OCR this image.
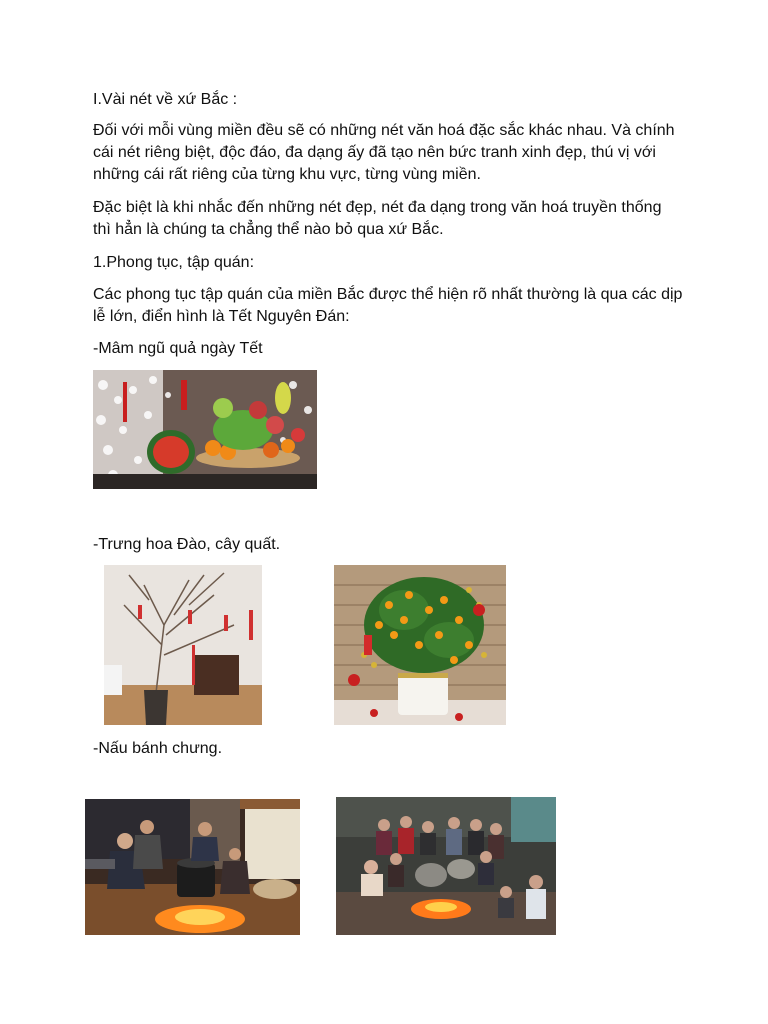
I.Vài nét về xứ Bắc :

Đối với mỗi vùng miền đều sẽ có những nét văn hoá đặc sắc khác nhau. Và chính cái nét riêng biệt, độc đáo, đa dạng ấy đã tạo nên bức tranh xinh đẹp, thú vị với những cái rất riêng của từng khu vực, từng vùng miền.

Đặc biệt là khi nhắc đến những nét đẹp, nét đa dạng trong văn hoá truyền thống thì hẳn là chúng ta chẳng thể nào bỏ qua xứ Bắc.

1.Phong tục, tập quán:

Các phong tục tập quán của miền Bắc được thể hiện rõ nhất thường là qua các dịp lễ lớn, điển hình là Tết Nguyên Đán:

-Mâm ngũ quả ngày Tết

-Trưng hoa Đào, cây quất.

-Nấu bánh chưng.
